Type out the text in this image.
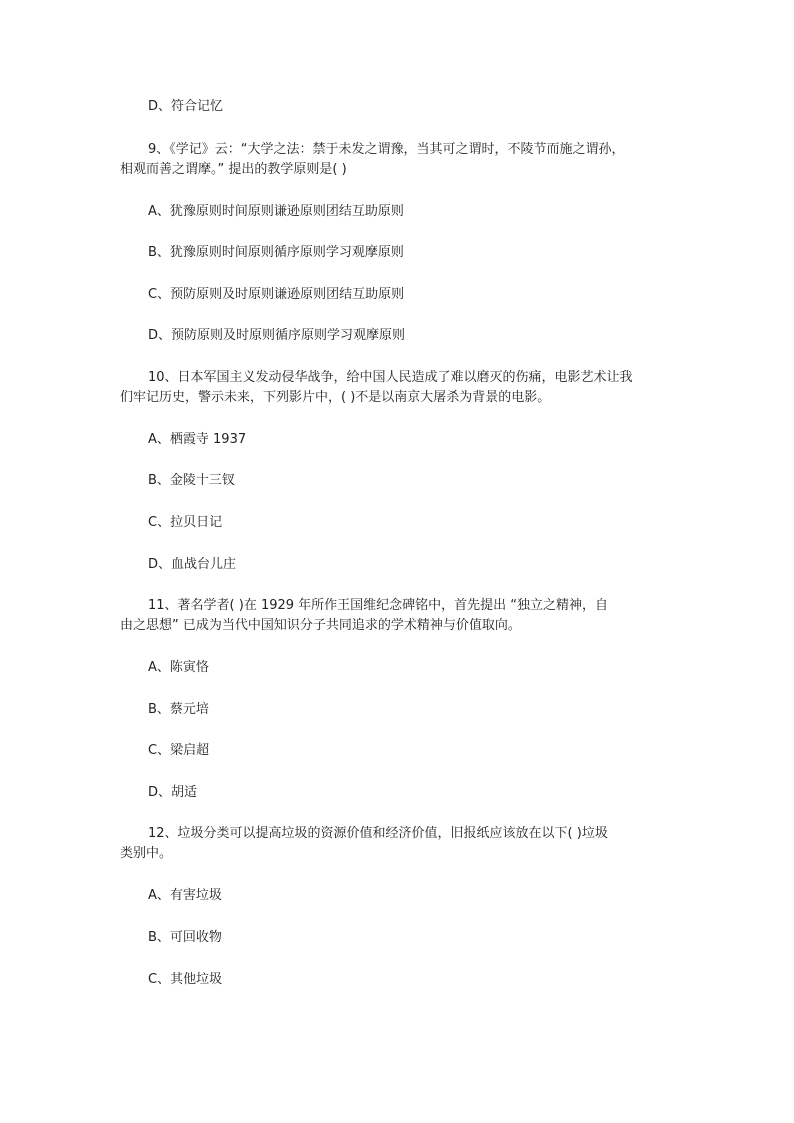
D、符合记忆
9、《学记》云：“大学之法：禁于未发之谓豫，当其可之谓时，不陵节而施之谓孙，
相观而善之谓摩。” 提出的教学原则是( )
A、犹豫原则时间原则谦逊原则团结互助原则
B、犹豫原则时间原则循序原则学习观摩原则
C、预防原则及时原则谦逊原则团结互助原则
D、预防原则及时原则循序原则学习观摩原则
10、日本军国主义发动侵华战争，给中国人民造成了难以磨灭的伤痛，电影艺术让我
们牢记历史，警示未来，下列影片中，( )不是以南京大屠杀为背景的电影。
A、栖霞寺 1937
B、金陵十三钗
C、拉贝日记
D、血战台儿庄
11、著名学者( )在 1929 年所作王国维纪念碑铭中，首先提出 “独立之精神，自
由之思想” 已成为当代中国知识分子共同追求的学术精神与价值取向。
A、陈寅恪
B、蔡元培
C、梁启超
D、胡适
12、垃圾分类可以提高垃圾的资源价值和经济价值，旧报纸应该放在以下( )垃圾
类别中。
A、有害垃圾
B、可回收物
C、其他垃圾
